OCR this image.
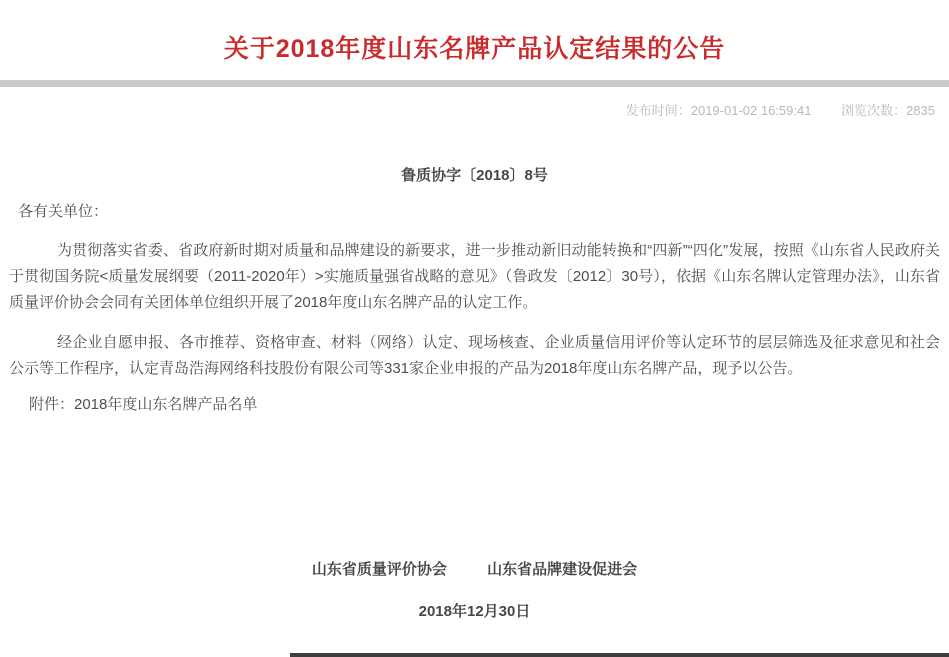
关于2018年度山东名牌产品认定结果的公告
发布时间：2019-01-02 16:59:41 浏览次数：2835
鲁质协字〔2018〕8号
各有关单位：

为贯彻落实省委、省政府新时期对质量和品牌建设的新要求，进一步推动新旧动能转换和“四新”“四化”发展，按照《山东省人民政府关于贯彻国务院<质量发展纲要（2011-2020年）>实施质量强省战略的意见》（鲁政发〔2012〕30号），依据《山东名牌认定管理办法》，山东省质量评价协会会同有关团体单位组织开展了2018年度山东名牌产品的认定工作。

经企业自愿申报、各市推荐、资格审查、材料（网络）认定、现场核查、企业质量信用评价等认定环节的层层筛选及征求意见和社会公示等工作程序，认定青岛浩海网络科技股份有限公司等331家企业申报的产品为2018年度山东名牌产品，现予以公告。

附件：2018年度山东名牌产品名单
山东省质量评价协会	山东省品牌建设促进会
2018年12月30日
